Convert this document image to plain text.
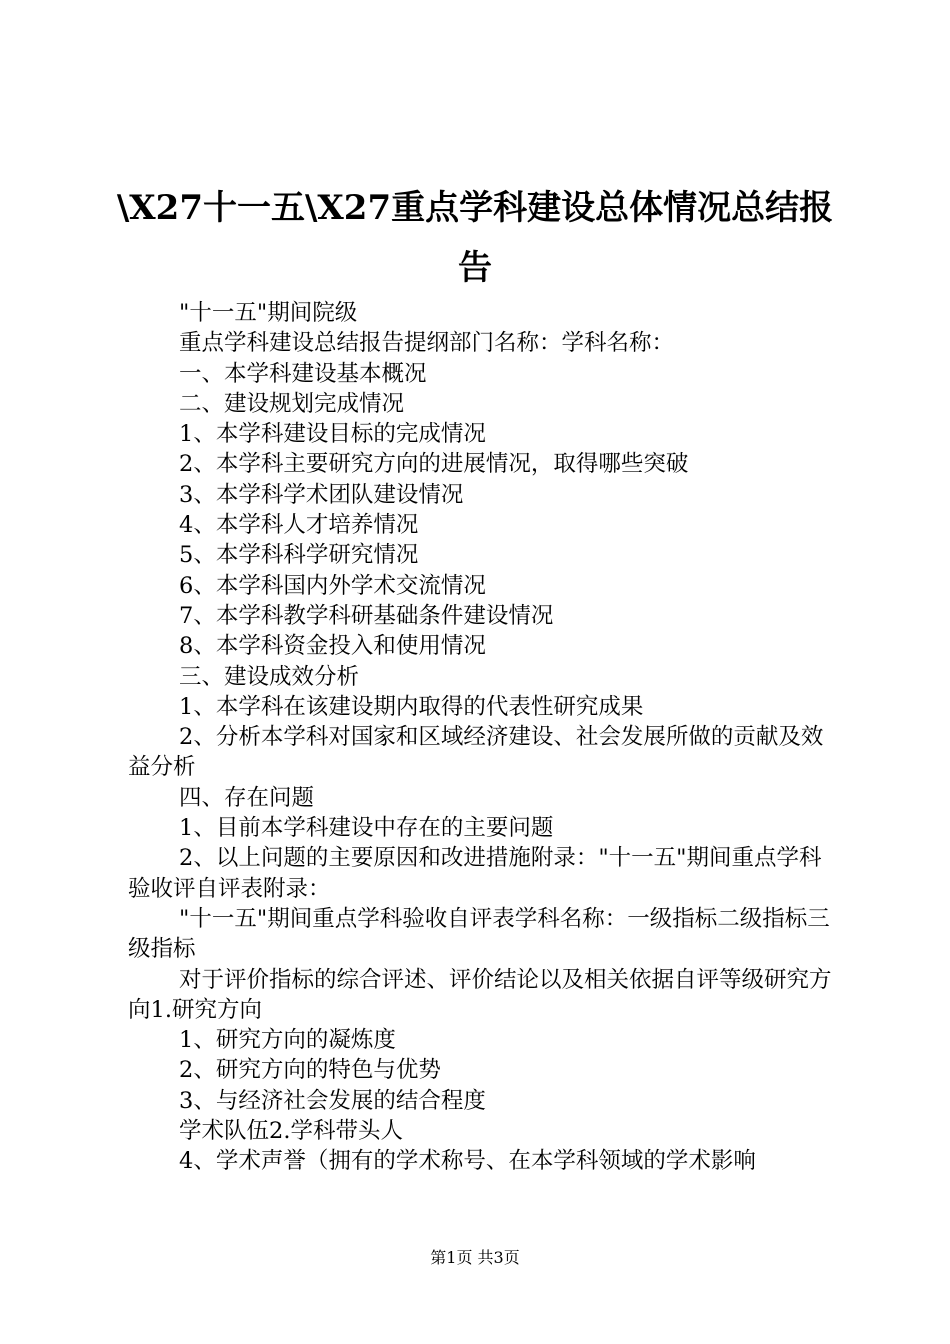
\X27十一五\X27重点学科建设总体情况总结报告

"十一五"期间院级

重点学科建设总结报告提纲部门名称：学科名称：

一、本学科建设基本概况

二、建设规划完成情况

1、本学科建设目标的完成情况

2、本学科主要研究方向的进展情况，取得哪些突破

3、本学科学术团队建设情况

4、本学科人才培养情况

5、本学科科学研究情况

6、本学科国内外学术交流情况

7、本学科教学科研基础条件建设情况

8、本学科资金投入和使用情况

三、建设成效分析

1、本学科在该建设期内取得的代表性研究成果

2、分析本学科对国家和区域经济建设、社会发展所做的贡献及效益分析

四、存在问题

1、目前本学科建设中存在的主要问题

2、以上问题的主要原因和改进措施附录："十一五"期间重点学科验收评自评表附录：

"十一五"期间重点学科验收自评表学科名称：一级指标二级指标三级指标

对于评价指标的综合评述、评价结论以及相关依据自评等级研究方向1.研究方向

1、研究方向的凝炼度

2、研究方向的特色与优势

3、与经济社会发展的结合程度

学术队伍2.学科带头人

4、学术声誉（拥有的学术称号、在本学科领域的学术影响

第1页 共3页
